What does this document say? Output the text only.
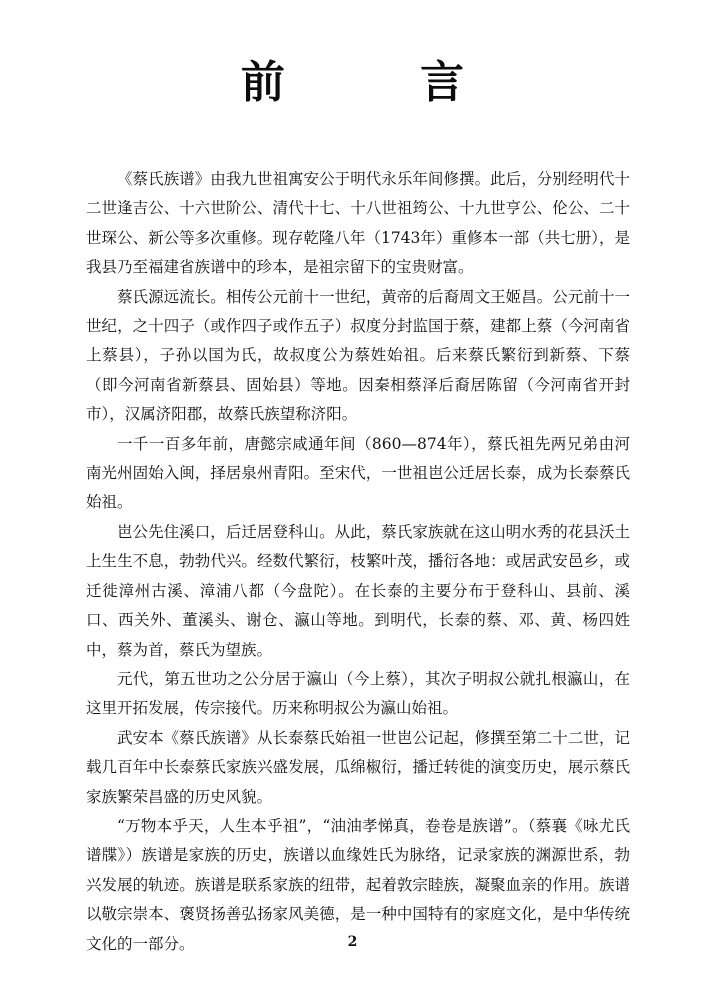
前 言

《蔡氏族谱》由我九世祖寓安公于明代永乐年间修撰。此后，分别经明代十二世逢吉公、十六世阶公、清代十七、十八世祖筠公、十九世亨公、伦公、二十世琛公、新公等多次重修。现存乾隆八年（1743年）重修本一部（共七册），是我县乃至福建省族谱中的珍本，是祖宗留下的宝贵财富。

蔡氏源远流长。相传公元前十一世纪，黄帝的后裔周文王姬昌。公元前十一世纪，之十四子（或作四子或作五子）叔度分封监国于蔡，建都上蔡（今河南省上蔡县），子孙以国为氏，故叔度公为蔡姓始祖。后来蔡氏繁衍到新蔡、下蔡（即今河南省新蔡县、固始县）等地。因秦相蔡泽后裔居陈留（今河南省开封市），汉属济阳郡，故蔡氏族望称济阳。

一千一百多年前，唐懿宗咸通年间（860—874年），蔡氏祖先两兄弟由河南光州固始入闽，择居泉州青阳。至宋代，一世祖岜公迁居长泰，成为长泰蔡氏始祖。

岜公先住溪口，后迁居登科山。从此，蔡氏家族就在这山明水秀的花县沃土上生生不息，勃勃代兴。经数代繁衍，枝繁叶茂，播衍各地：或居武安邑乡，或迁徙漳州古溪、漳浦八都（今盘陀）。在长泰的主要分布于登科山、县前、溪口、西关外、董溪头、谢仓、瀛山等地。到明代，长泰的蔡、邓、黄、杨四姓中，蔡为首，蔡氏为望族。

元代，第五世功之公分居于瀛山（今上蔡），其次子明叔公就扎根瀛山，在这里开拓发展，传宗接代。历来称明叔公为瀛山始祖。

武安本《蔡氏族谱》从长泰蔡氏始祖一世岜公记起，修撰至第二十二世，记载几百年中长泰蔡氏家族兴盛发展，瓜绵椒衍，播迁转徙的演变历史，展示蔡氏家族繁荣昌盛的历史风貌。

“万物本乎天，人生本乎祖”，“油油孝悌真，卷卷是族谱”。（蔡襄《咏尤氏谱牒》）族谱是家族的历史，族谱以血缘姓氏为脉络，记录家族的渊源世系，勃兴发展的轨迹。族谱是联系家族的纽带，起着敦宗睦族，凝聚血亲的作用。族谱以敬宗崇本、褒贤扬善弘扬家风美德，是一种中国特有的家庭文化，是中华传统文化的一部分。	2
